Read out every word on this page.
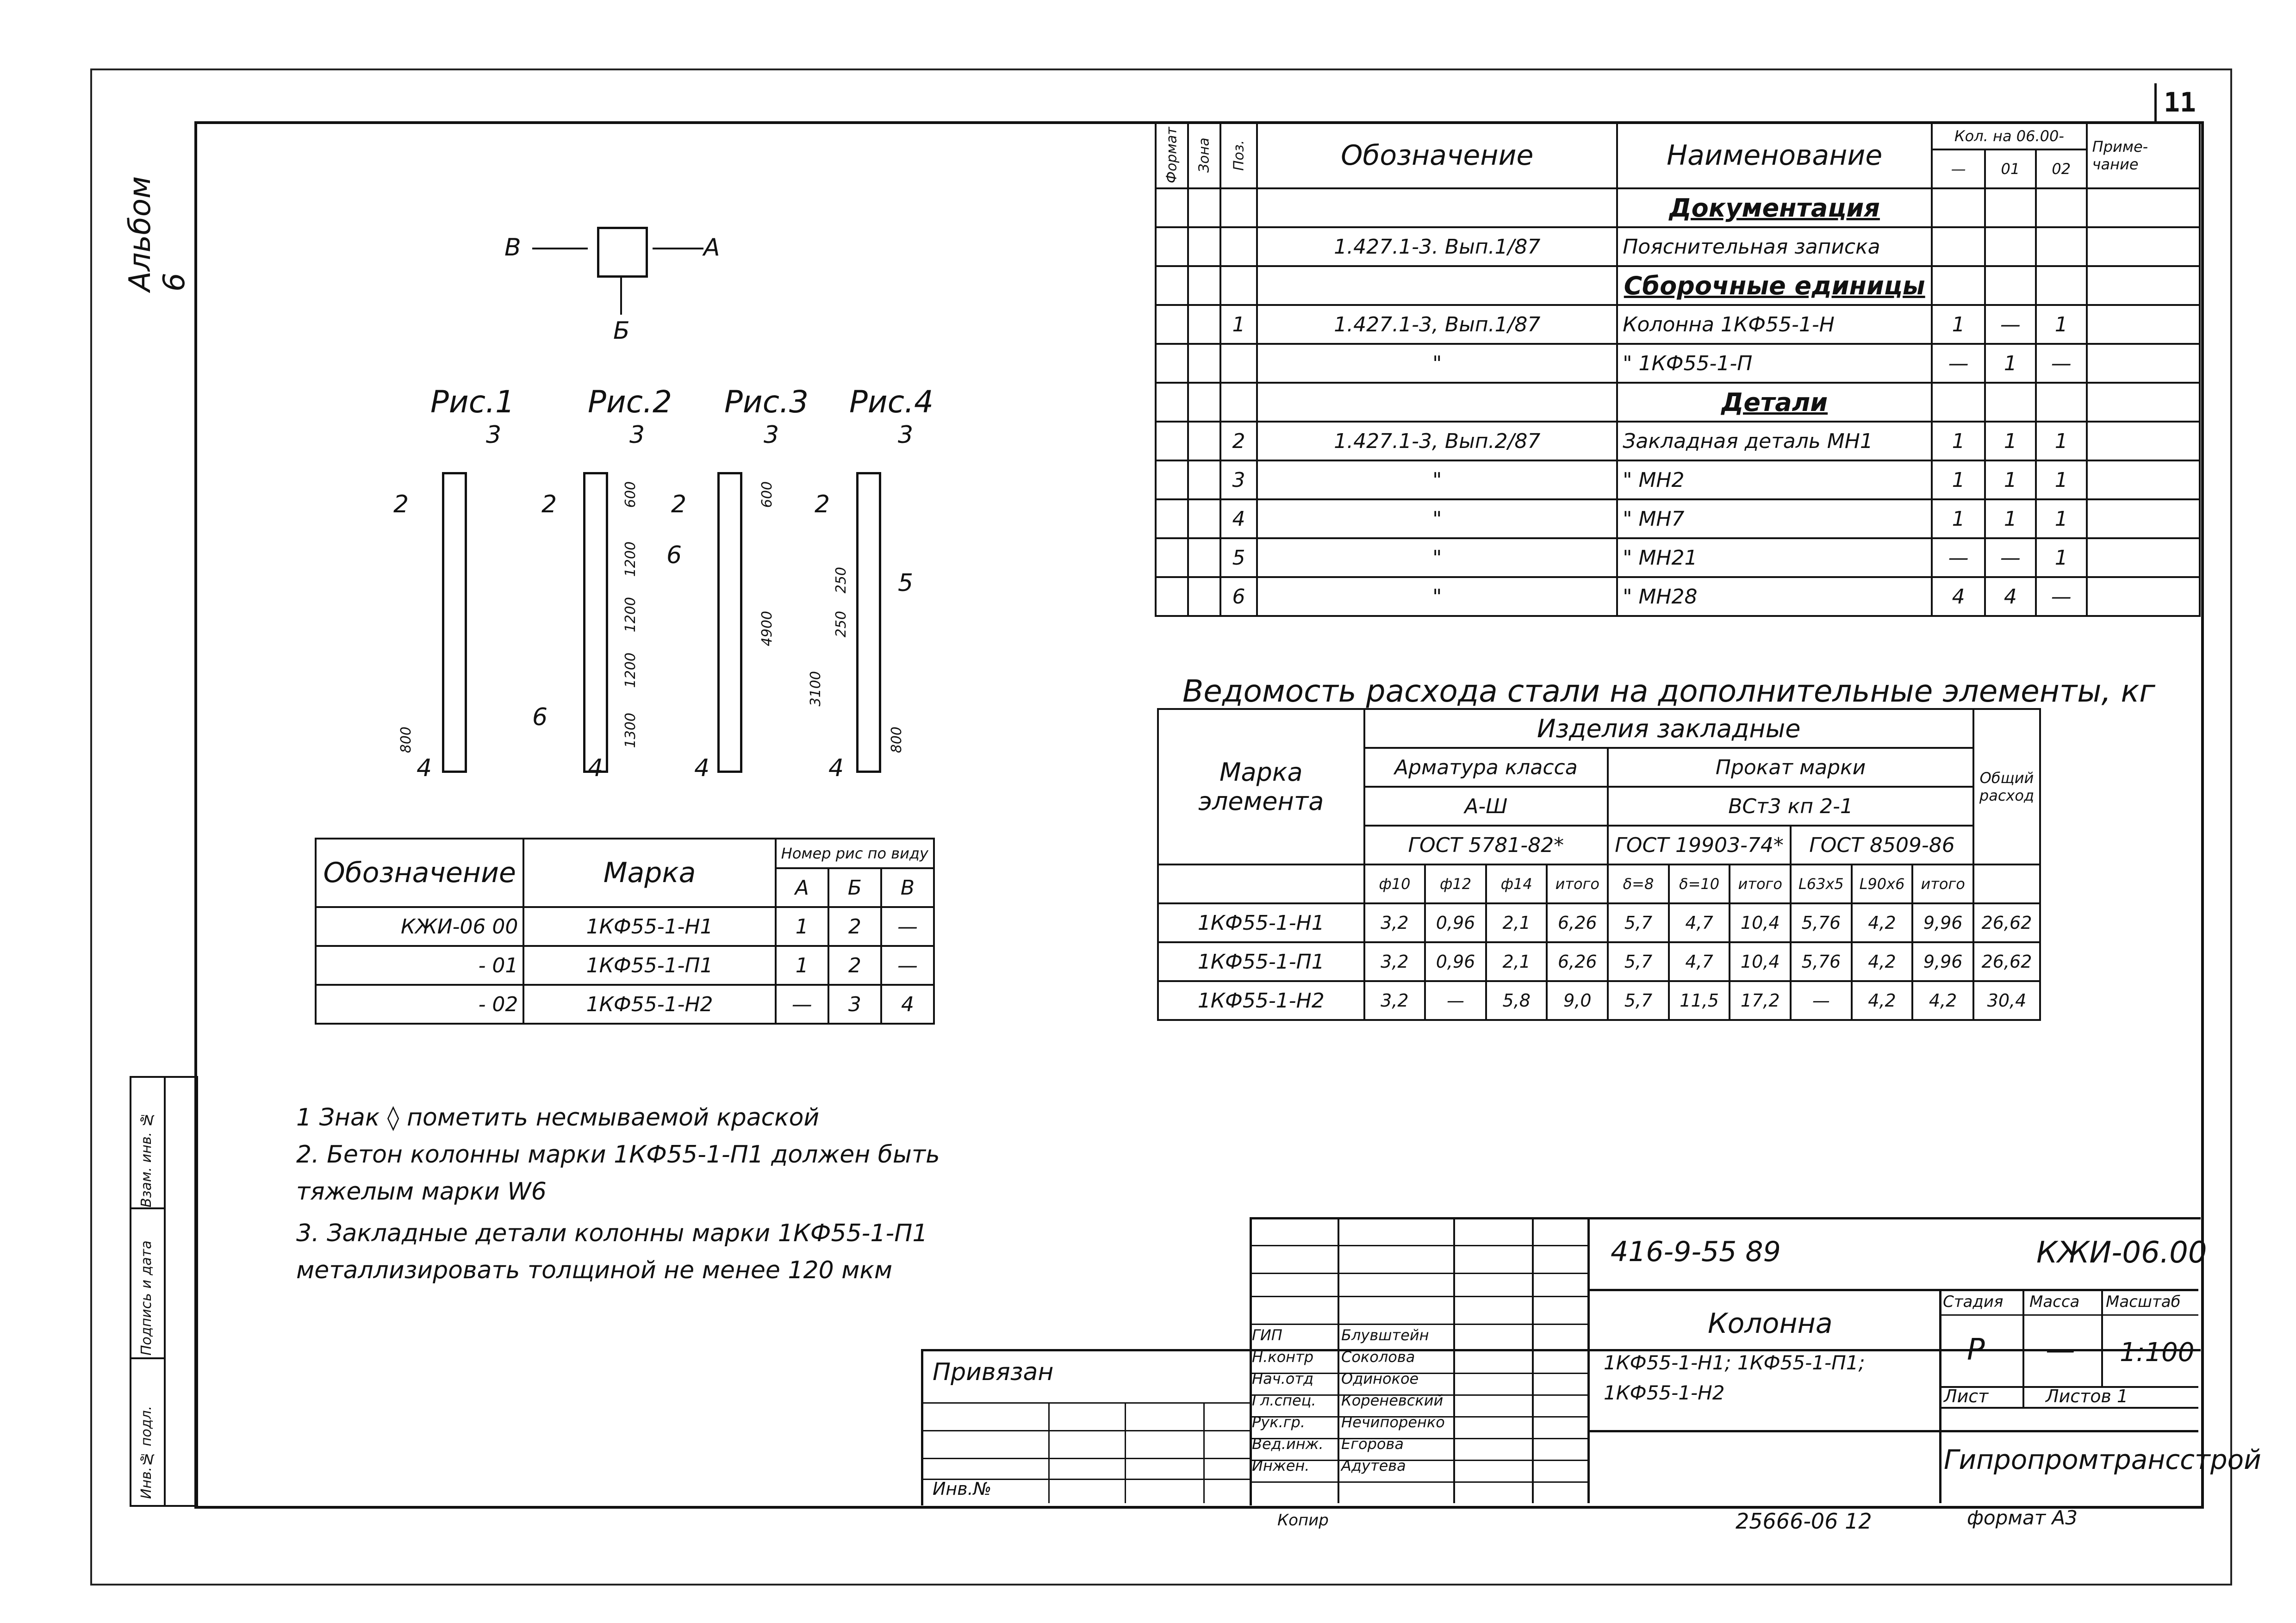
11
Альбом 6
Взам. инв. №
Подпись и дата
Инв.№ подл.
В	А
Б
Рис.1
3
2
4
800
Рис.2
3
2
6
4
600
1200
1200
1200
1300
Рис.3
3
2
6
4
600
4900
Рис.4
3
2
5
4
250
250
3100
800
Формат	Зона	Поз.	Обозначение	Наименование	Кол. на 06.00-			Приме-чание
					—	01	02	
				Документация				
			1.427.1-3. Вып.1/87	Пояснительная записка				
				Сборочные единицы				
		1	1.427.1-3, Вып.1/87	Колонна 1КФ55-1-Н	1	—	1	
			"	" 1КФ55-1-П	—	1	—	
				Детали				
		2	1.427.1-3, Вып.2/87	Закладная деталь МН1	1	1	1	
		3	"	" МН2	1	1	1	
		4	"	" МН7	1	1	1	
		5	"	" МН21	—	—	1	
		6	"	" МН28	4	4	—	
Ведомость расхода стали на дополнительные элементы, кг
Марка элемента	Изделия закладные										Общий расход
	Арматура класса				Прокат марки						
	А-Ш				ВСт3 кп 2-1						
	ГОСТ 5781-82*				ГОСТ 19903-74*			ГОСТ 8509-86			
	ф10	ф12	ф14	итого	δ=8	δ=10	итого	L63х5	L90х6	итого	
1КФ55-1-Н1	3,2	0,96	2,1	6,26	5,7	4,7	10,4	5,76	4,2	9,96	26,62
1КФ55-1-П1	3,2	0,96	2,1	6,26	5,7	4,7	10,4	5,76	4,2	9,96	26,62
1КФ55-1-Н2	3,2	—	5,8	9,0	5,7	11,5	17,2	—	4,2	4,2	30,4
Обозначение	Марка	Номер рис по виду		
		А	Б	В
КЖИ-06 00	1КФ55-1-Н1	1	2	—
- 01	1КФ55-1-П1	1	2	—
- 02	1КФ55-1-Н2	—	3	4
1 Знак ◊ пометить несмываемой краской
2. Бетон колонны марки 1КФ55-1-П1 должен быть
тяжелым марки W6
3. Закладные детали колонны марки 1КФ55-1-П1
металлизировать толщиной не менее 120 мкм
Привязан
Инв.№
416-9-55 89	КЖИ-06.00
Колонна
1КФ55-1-Н1; 1КФ55-1-П1;
1КФ55-1-Н2
Стадия Масса Масштаб
Р — 1:100
Лист	Листов 1
Гипропромтрансстрой
ГИП	Блувштейн
Н.контр Соколова
Нач.отд Одинокое
Гл.спец. Кореневский
Рук.гр. Нечипоренко
Вед.инж. Егорова
Инжен. Адутева
Копир	25666-06 12	формат А3
